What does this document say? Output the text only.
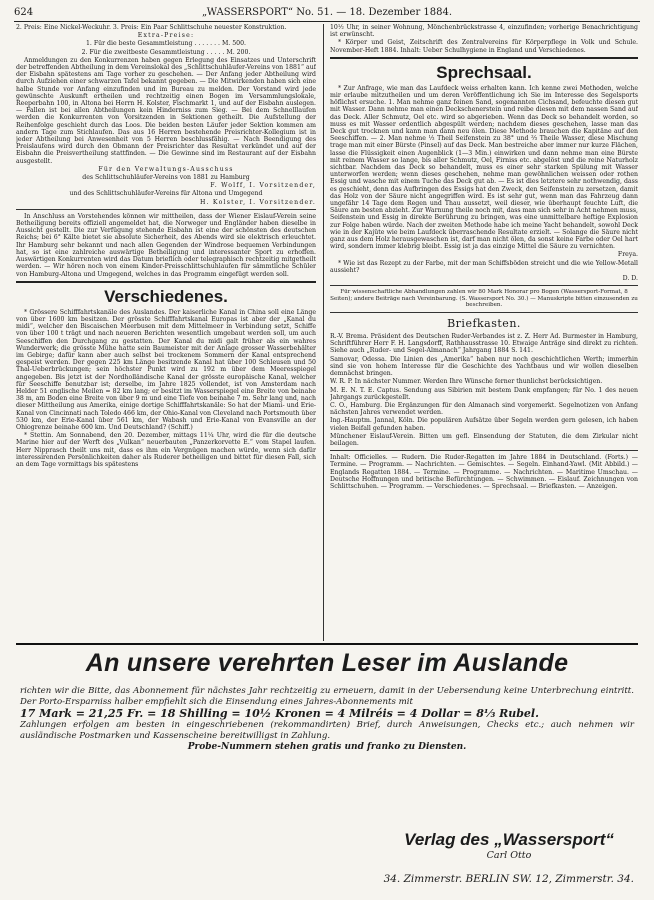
624	„WASSERSPORT“ No. 51. — 18. Dezember 1884.

2. Preis: Eine Nickel-Weckuhr. 3. Preis: Ein Paar Schlittschuhe neuester Konstruktion.

Extra-Preise:

1. Für die beste Gesammtleistung . . . . . . . M. 500.

2. Für die zweitbeste Gesammtleistung . . . . . M. 200.

Anmeldungen zu den Konkurrenzen haben gegen Erlegung des Einsatzes und Unterschrift der betreffenden Abtheilung in dem Vereinslokal des „Schlittschuhläufer-Vereins von 1881“ auf der Eisbahn spätestens am Tage vorher zu geschehen. — Der Anfang jeder Abtheilung wird durch Aufziehen einer schwarzen Tafel bekannt gegeben. — Die Mitwirkenden haben sich eine halbe Stunde vor Anfang einzufinden und im Bureau zu melden. Der Vorstand wird jede gewünschte Auskunft ertheilen und rechtzeitig einen Bogen im Versammlungslokale, Reeperbahn 100, in Altona bei Herrn H. Kolster, Fischmarkt 1, und auf der Eisbahn auslegen. — Fallen ist bei allen Abtheilungen kein Hinderniss zum Sieg. — Bei dem Schnelllaufen werden die Konkurrenten von Vorsitzenden in Sektionen getheilt. Die Aufstellung der Reihenfolge geschieht durch das Loos. Die beiden besten Läufer jeder Sektion kommen am andern Tage zum Stichlaufen. Das aus 16 Herren bestehende Preisrichter-Kollegium ist in jeder Abtheilung bei Anwesenheit von 5 Herren beschlussfähig. — Nach Beendigung des Preislaufens wird durch den Obmann der Preisrichter das Resultat verkündet und auf der Eisbahn die Preisvertheilung stattfinden. — Die Gewinne sind im Restaurant auf der Eisbahn ausgestellt.

Für den Verwaltungs-Ausschuss

des Schlittschuhläufer-Vereins von 1881 zu Hamburg

F. Wolff, I. Vorsitzender,

und des Schlittschuhläufer-Vereins für Altona und Umgegend

H. Kolster, I. Vorsitzender.

In Anschluss an Vorstehendes können wir mittheilen, dass der Wiener Eislauf-Verein seine Betheiligung bereits offiziell angemeldet hat, die Norweger und Engländer haben dieselbe in Aussicht gestellt. Die zur Verfügung stehende Eisbahn ist eine der schönsten des deutschen Reichs; bei 6° Kälte bietet sie absolute Sicherheit, des Abends wird sie elektrisch erleuchtet. Ihr Hamburg sehr bekannt und nach allen Gegenden der Windrose bequemen Verbindungen hat, so ist eine zahlreiche auswärtige Betheiligung und interessanter Sport zu erhoffen. Auswärtigen Konkurrenten wird das Datum brieflich oder telegraphisch rechtzeitig mitgetheilt werden. — Wir hören noch von einem Kinder-Preisschlittschuhlaufen für sämmtliche Schüler von Hamburg-Altona und Umgegend, welches in das Programm eingefügt werden soll.

Verschiedenes.

* Grössere Schifffahrtskanäle des Auslandes. Der kaiserliche Kanal in China soll eine Länge von über 1600 km besitzen. Der grösste Schifffahrtskanal Europas ist aber der „Kanal du midi“, welcher den Biscaischen Meerbusen mit dem Mittelmeer in Verbindung setzt, Schiffe von über 100 t trägt und nach neueren Berichten wesentlich umgebaut werden soll, um auch Seeschiffen den Durchgang zu gestatten. Der Kanal du midi galt früher als ein wahres Wunderwerk; die grösste Mühe hatte sein Baumeister mit der Anlage grosser Wasserbehälter im Gebirge; dafür kann aber auch selbst bei trockenem Sommern der Kanal entsprechend gespeist werden. Der gegen 225 km Länge besitzende Kanal hat über 100 Schleusen und 50 Thal-Ueberbrückungen; sein höchster Punkt wird zu 192 m über dem Meeresspiegel angegeben. Bis jetzt ist der Nordholländische Kanal der grösste europäische Kanal, welcher für Seeschiffe benutzbar ist; derselbe, im Jahre 1825 vollendet, ist von Amsterdam nach Helder 51 englische Meilen = 82 km lang; er besitzt im Wasserspiegel eine Breite von beinahe 38 m, am Boden eine Breite von über 9 m und eine Tiefe von beinahe 7 m. Sehr lang und, nach dieser Mittheilung aus Amerika, einige dortige Schifffahrtskanäle: So hat der Miami- und Erie-Kanal von Cincinnati nach Toledo 466 km, der Ohio-Kanal von Cleveland nach Portsmouth über 530 km, der Erie-Kanal über 561 km, der Wabash und Erie-Kanal von Evansville an der Ohiogrenze beinahe 600 km. Und Deutschland? (Schiff.)

* Stettin. Am Sonnabend, den 20. Dezember, mittags 11¼ Uhr, wird die für die deutsche Marine hier auf der Werft des „Vulkan“ neuerbauten „Panzerkorvette E.“ vom Stapel laufen. Herr Nipprasch theilt uns mit, dass es ihm ein Vergnügen machen würde, wenn sich dafür interessirenden Persönlichkeiten daher als Ruderer betheiligen und bittet für diesen Fall, sich an dem Tage vormittags bis spätestens

10½ Uhr, in seiner Wohnung, Mönchenbrückstrasse 4, einzufinden; vorherige Benachrichtigung ist erwünscht.

* Körper und Geist, Zeitschrift des Zentralvereins für Körperpflege in Volk und Schule. November-Heft 1884. Inhalt: Ueber Schulhygiene in England und Verschiedenes.

Sprechsaal.

* Zur Anfrage, wie man das Laufdeck weiss erhalten kann. Ich kenne zwei Methoden, welche mir erlaube mitzutheilen und um deren Veröffentlichung ich Sie im Interesse des Segelsports höflichst ersuche. 1. Man nehme ganz feinen Sand, sogenannten Cichsand, befeuchte diesen gut mit Wasser. Dann nehme man einen Deckschenerstein und reibe diesen mit dem nassen Sand auf das Deck. Aller Schmutz, Oel etc. wird so abgerieben. Wenn das Deck so behandelt worden, so muss es mit Wasser ordentlich abgespült werden; nachdem dieses geschehen, lasse man das Deck gut trocknen und kann man dann neu ölen. Diese Methode brauchen die Kapitäne auf den Seeschiffen. — 2. Man nehme ⅓ Theil Seifenstein zu 38° und ⅔ Theile Wasser, diese Mischung trage man mit einer Bürste (Pinsel) auf das Deck. Man bestreiche aber immer nur kurze Flächen, lasse die Flüssigkeit einen Augenblick (1—3 Min.) einwirken und dann nehme man eine Bürste mit reinem Wasser so lange, bis aller Schmutz, Oel, Firniss etc. abgelöst und die reine Naturholz sichtbar. Nachdem das Deck so behandelt, muss es einer sehr starken Spülung mit Wasser unterworfen werden; wenn dieses geschehen, nehme man gewöhnlichen weissen oder rothen Essig und wasche mit einem Tuche das Deck gut ab. — Es ist dies letztere sehr nothwendig, dass es geschieht, denn das Aufbringen des Essigs hat den Zweck, den Seifenstein zu zersetzen, damit das Holz von der Säure nicht angegriffen wird. Es ist sehr gut, wenn man das Fahrzeug dann ungefähr 14 Tage dem Regen und Thau aussetzt, weil dieser, wie überhaupt feuchte Luft, die Säure am besten abzieht. Zur Warnung theile noch mit, dass man sich sehr in Acht nehmen muss, Seifenstein und Essig in direkte Berührung zu bringen, was eine unmittelbare heftige Explosion zur Folge haben würde. Nach der zweiten Methode habe ich meine Yacht behandelt, sowohl Deck wie in der Kajüte wie beim Laufdeck überraschende Resultate erzielt. — Solange die Säure nicht ganz aus dem Holz herausgewaschen ist, darf man nicht ölen, da sonst keine Farbe oder Oel hart wird, sondern immer klebrig bleibt. Essig ist ja das einzige Mittel die Säure zu vernichten.

Freya.

* Wie ist das Rezept zu der Farbe, mit der man Schiffsböden streicht und die wie Yellow-Metall aussieht?

D. D.

Für wissenschaftliche Abhandlungen zahlen wir 80 Mark Honorar pro Bogen (Wassersport-Format, 8 Seiten); andere Beiträge nach Vereinbarung. (S. Wassersport No. 30.) — Manuskripte bitten einzusenden zu beschreiben.

Briefkasten.

R.-V. Brema. Präsident des Deutschen Ruder-Verbandes ist z. Z. Herr Ad. Burmester in Hamburg, Schriftführer Herr F. H. Langsdorff, Rathhausstrasse 10. Etwaige Anträge sind direkt zu richten. Siehe auch „Ruder- und Segel-Almanach“ Jahrgang 1884 S. 141.

Samovar, Odessa. Die Linien des „Amerika“ haben nur noch geschichtlichen Werth; immerhin sind sie von hohem Interesse für die Geschichte des Yachtbaus und wir wollen dieselben demnächst bringen.

W. R. P. In nächster Nummer. Werden Ihre Wünsche ferner thunlichst berücksichtigen.

M. E. N. T. E. Captus. Sendung aus Sibirien mit bestem Dank empfangen; für No. 1 des neuen Jahrgangs zurückgestellt.

C. O., Hamburg. Die Ergänzungen für den Almanach sind vorgemerkt. Segelnotizen von Anfang nächsten Jahres verwendet werden.

Ing.-Hauptm. Jannal, Köln. Die populären Aufsätze über Segeln werden gern gelesen, ich haben vielen Beifall gefunden haben.

Münchener Eislauf-Verein. Bitten um gefl. Einsendung der Statuten, die dem Zirkular nicht beilagen.

Inhalt: Officielles. — Rudern. Die Ruder-Regatten im Jahre 1884 in Deutschland. (Forts.) — Termine. — Programm. — Nachrichten. — Gemischtes. — Segeln. Einhand-Yawl. (Mit Abbild.) — Englands Regatten 1884. — Termine. — Programme. — Nachrichten. — Maritime Umschau. — Deutsche Hoffnungen und britische Befürchtungen. — Schwimmen. — Eislauf. Zeichnungen von Schlittschuhen. — Programm. — Verschiedenes. — Sprechsaal. — Briefkasten. — Anzeigen.

An unsere verehrten Leser im Auslande

richten wir die Bitte, das Abonnement für nächstes Jahr rechtzeitig zu erneuern, damit in der Uebersendung keine Unterbrechung eintritt. Der Porto-Ersparniss halber empfiehlt sich die Einsendung eines Jahres-Abonnements mit

17 Mark = 21,25 Fr. = 18 Shilling = 10½ Kronen = 4 Milréis = 4 Dollar = 8⅓ Rubel.

Zahlungen erfolgen am besten in eingeschriebenen (rekommandirten) Brief, durch Anweisungen, Checks etc.; auch nehmen wir ausländische Postmarken und Kassenscheine bereitwilligst in Zahlung.

Probe-Nummern stehen gratis und franko zu Diensten.

Verlag des „Wassersport“
Carl Otto
34. Zimmerstr. BERLIN SW. 12, Zimmerstr. 34.
